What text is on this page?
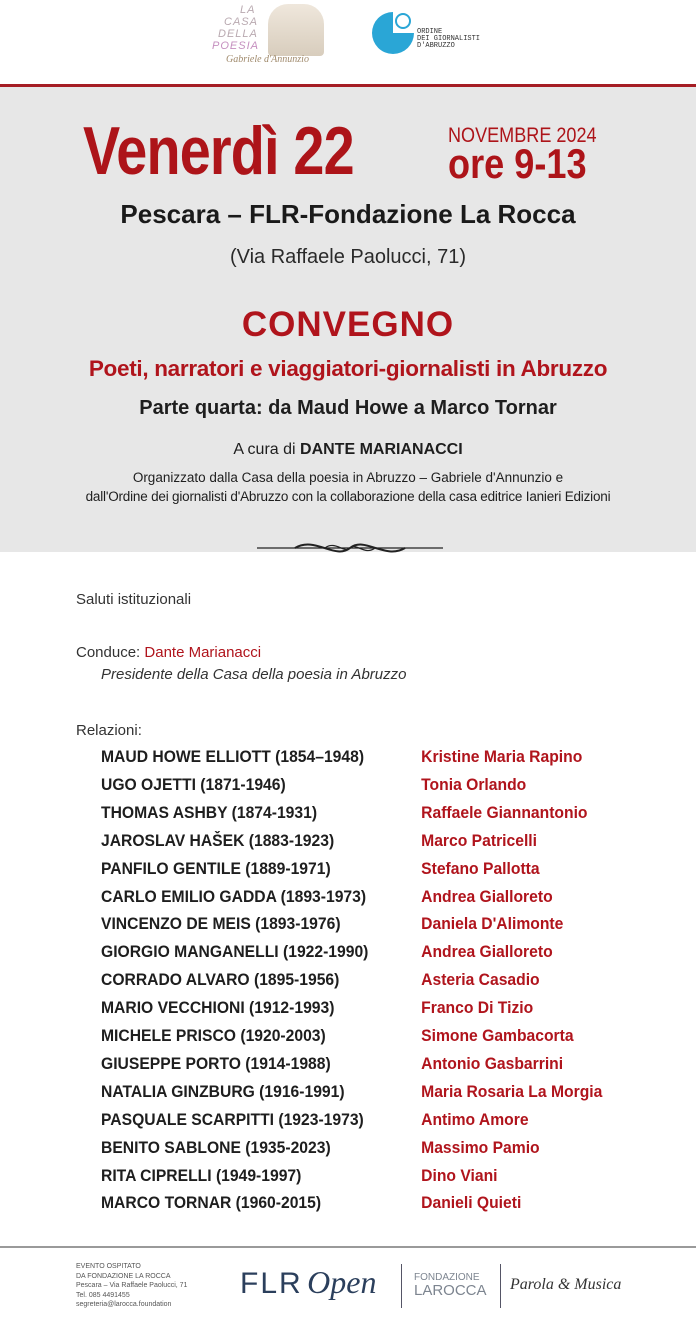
LA
CASA
DELLA
POESIA
Gabriele d'Annunzio
ORDINE
DEI GIORNALISTI
D'ABRUZZO
Venerdì 22	NOVEMBRE 2024
ore 9-13
Pescara – FLR-Fondazione La Rocca
(Via Raffaele Paolucci, 71)
CONVEGNO
Poeti, narratori e viaggiatori-giornalisti in Abruzzo
Parte quarta: da Maud Howe a Marco Tornar
A cura di DANTE MARIANACCI
Organizzato dalla Casa della poesia in Abruzzo – Gabriele d'Annunzio e
dall'Ordine dei giornalisti d'Abruzzo con la collaborazione della casa editrice Ianieri Edizioni
Saluti istituzionali
Conduce: Dante Marianacci
Presidente della Casa della poesia in Abruzzo
Relazioni:
MAUD HOWE ELLIOTT (1854–1948)	Kristine Maria Rapino
UGO OJETTI (1871-1946)	Tonia Orlando
THOMAS ASHBY (1874-1931)	Raffaele Giannantonio
JAROSLAV HAŠEK (1883-1923)	Marco Patricelli
PANFILO GENTILE (1889-1971)	Stefano Pallotta
CARLO EMILIO GADDA (1893-1973)	Andrea Gialloreto
VINCENZO DE MEIS (1893-1976)	Daniela D'Alimonte
GIORGIO MANGANELLI (1922-1990)	Andrea Gialloreto
CORRADO ALVARO (1895-1956)	Asteria Casadio
MARIO VECCHIONI (1912-1993)	Franco Di Tizio
MICHELE PRISCO (1920-2003)	Simone Gambacorta
GIUSEPPE PORTO (1914-1988)	Antonio Gasbarrini
NATALIA GINZBURG (1916-1991)	Maria Rosaria La Morgia
PASQUALE SCARPITTI (1923-1973)	Antimo Amore
BENITO SABLONE (1935-2023)	Massimo Pamio
RITA CIPRELLI (1949-1997)	Dino Viani
MARCO TORNAR (1960-2015)	Danieli Quieti
EVENTO OSPITATO
DA FONDAZIONE LA ROCCA
Pescara – Via Raffaele Paolucci, 71
Tel. 085 4491455
segreteria@larocca.foundation
FLR Open	FONDAZIONE
LAROCCA Parola & Musica
